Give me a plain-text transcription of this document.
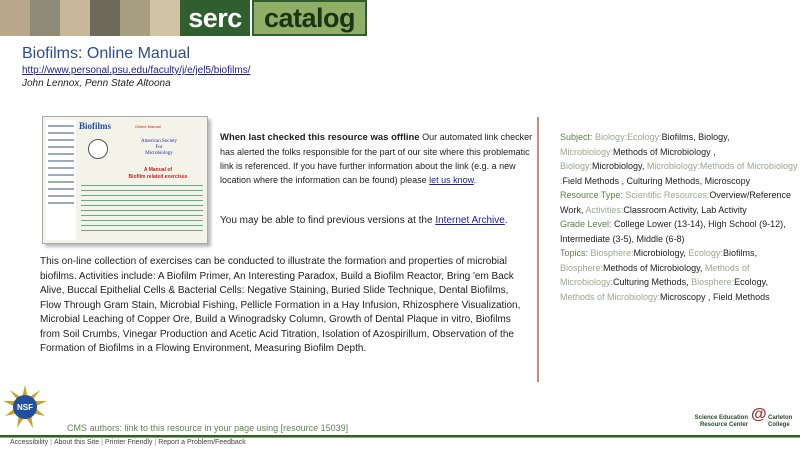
serc catalog
Biofilms: Online Manual
http://www.personal.psu.edu/faculty/j/e/jel5/biofilms/
John Lennox, Penn State Altoona
Biofilms	Online Manual
American Society
For
Microbiology
A Manual of
Biofilm related exercises
When last checked this resource was offline Our automated link checker has alerted the folks responsible for the part of our site where this problematic link is referenced. If you have further information about the link (e.g. a new location where the information can be found) please let us know.
You may be able to find previous versions at the Internet Archive.
This on-line collection of exercises can be conducted to illustrate the formation and properties of microbial biofilms. Activities include: A Biofilm Primer, An Interesting Paradox, Build a Biofilm Reactor, Bring 'em Back Alive, Buccal Epithelial Cells & Bacterial Cells: Negative Staining, Buried Slide Technique, Dental Biofilms, Flow Through Gram Stain, Microbial Fishing, Pellicle Formation in a Hay Infusion, Rhizosphere Visualization, Microbial Leaching of Copper Ore, Build a Winogradsky Column, Growth of Dental Plaque in vitro, Biofilms from Soil Crumbs, Vinegar Production and Acetic Acid Titration, Isolation of Azospirillum, Observation of the Formation of Biofilms in a Flowing Environment, Measuring Biofilm Depth.
Subject: Biology:Ecology:Biofilms, Biology, Microbiology:Methods of Microbiology , Biology:Microbiology, Microbiology:Methods of Microbiology :Field Methods , Culturing Methods, Microscopy
Resource Type: Scientific Resources:Overview/Reference Work, Activities:Classroom Activity, Lab Activity
Grade Level: College Lower (13-14), High School (9-12), Intermediate (3-5), Middle (6-8)
Topics: Biosphere:Microbiology, Ecology:Biofilms, Biosphere:Methods of Microbiology, Methods of Microbiology:Culturing Methods, Biosphere:Ecology, Methods of Microbiology:Microscopy , Field Methods
NSF
CMS authors: link to this resource in your page using [resource 15039]
Science Education Resource Center
@ Carleton College
Accessibility | About this Site | Printer Friendly | Report a Problem/Feedback
